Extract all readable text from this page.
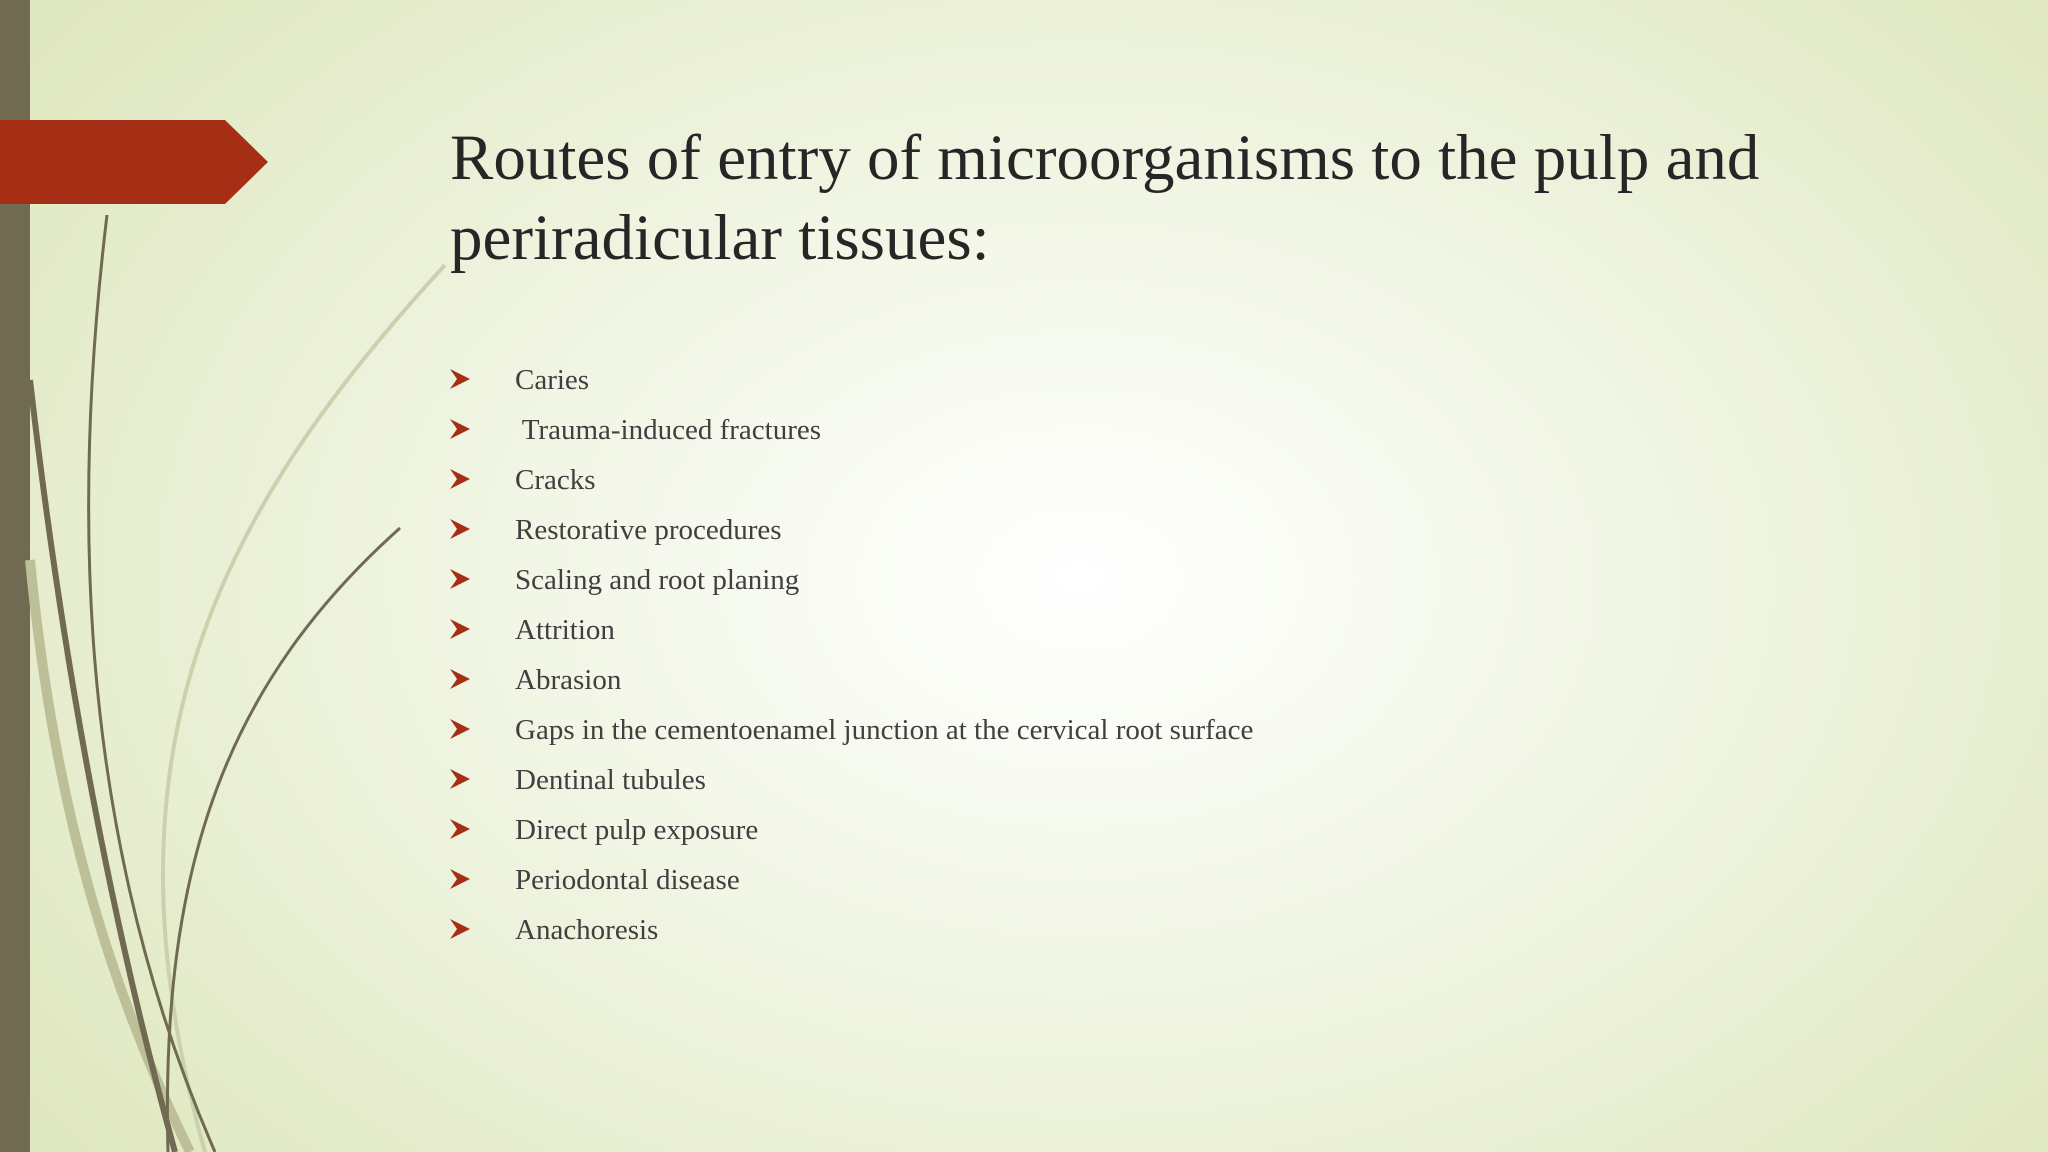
Routes of entry of microorganisms to the pulp and periradicular tissues:
Caries
Trauma-induced fractures
Cracks
Restorative procedures
Scaling and root planing
Attrition
Abrasion
Gaps in the cementoenamel junction at the cervical root surface
Dentinal tubules
Direct pulp exposure
Periodontal disease
Anachoresis
